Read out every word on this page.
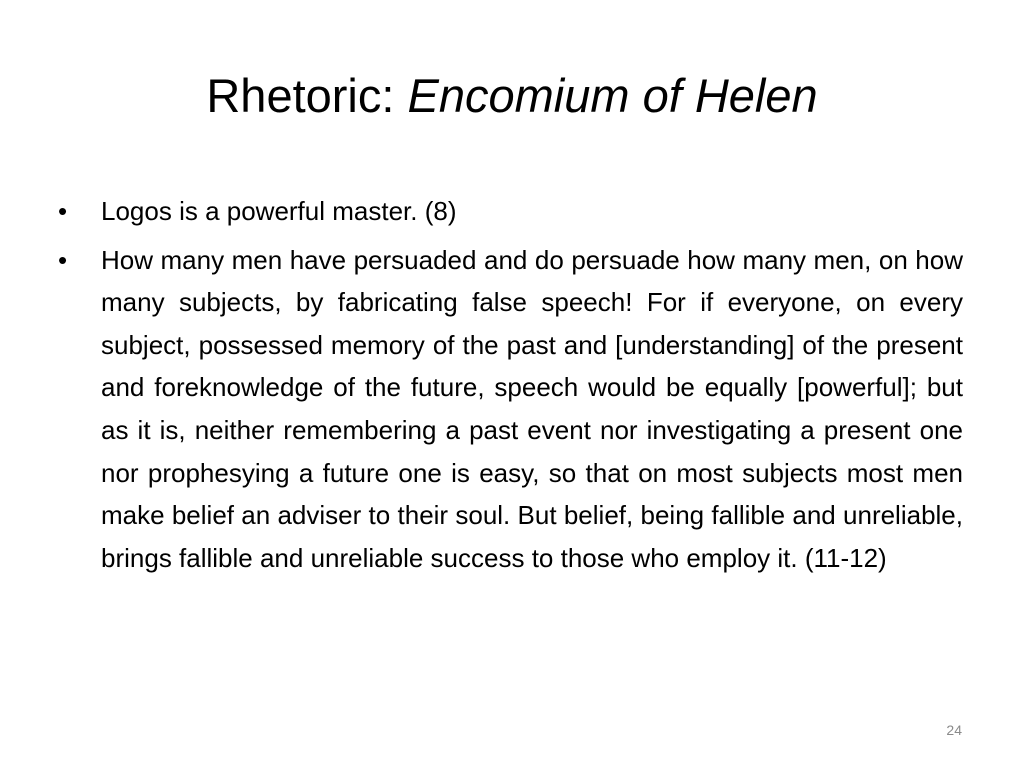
Rhetoric: Encomium of Helen
•	Logos is a powerful master. (8)
•	How many men have persuaded and do persuade how many men, on how many subjects, by fabricating false speech! For if everyone, on every subject, possessed memory of the past and [understanding] of the present and foreknowledge of the future, speech would be equally [powerful]; but as it is, neither remembering a past event nor investigating a present one nor prophesying a future one is easy, so that on most subjects most men make belief an adviser to their soul. But belief, being fallible and unreliable, brings fallible and unreliable success to those who employ it. (11-12)
24
